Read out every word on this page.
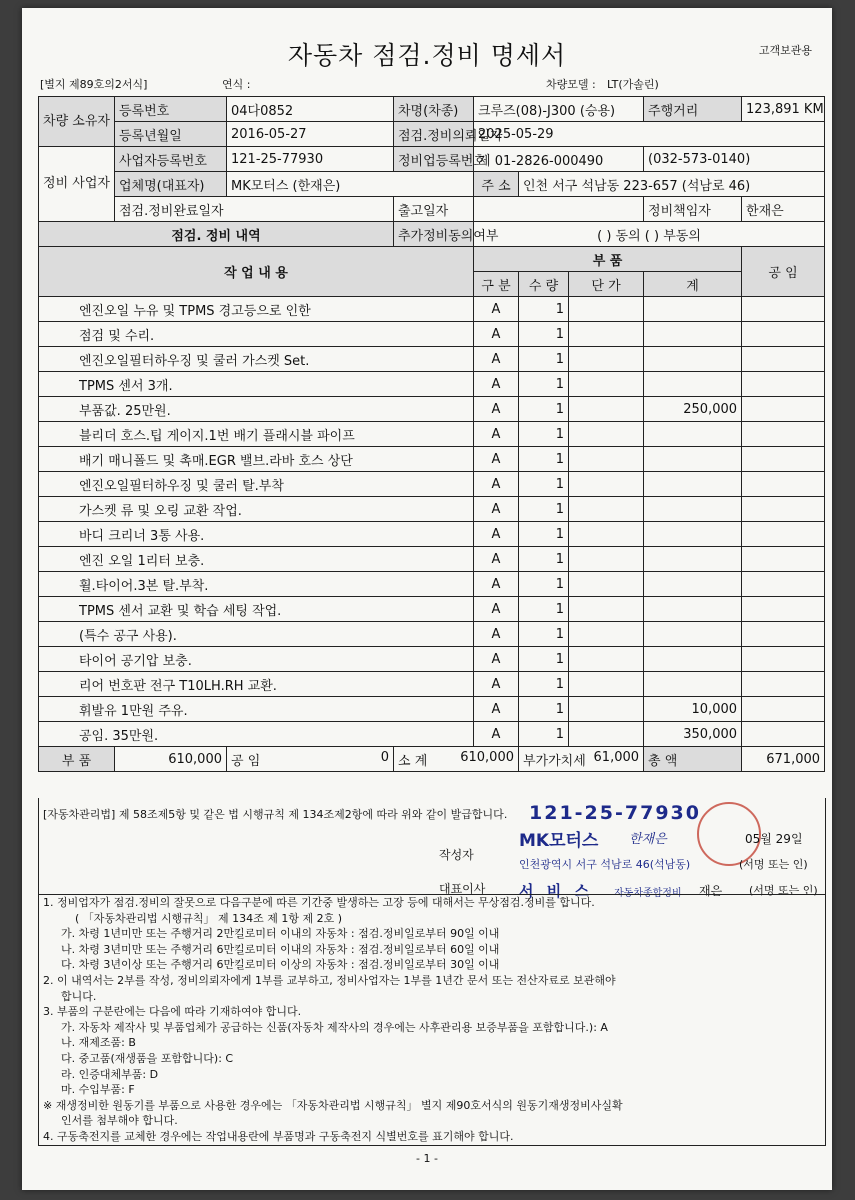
자동차 점검.정비 명세서	고객보관용
[별지 제89호의2서식]	연식 :	차량모델 : LT(가솔린)
차량 소유자	등록번호	04다0852	차명(차종)	크루즈(08)-J300 (승용)			주행거리	123,891 KM
	등록년월일	2016-05-27	점검.정비의뢰일자	2025-05-29				
정비 사업자	사업자등록번호	121-25-77930	정비업등록번호	제 01-2826-000490			(032-573-0140)	
	업체명(대표자)	MK모터스 (한재은)		주 소	인천 서구 석남동 223-657 (석남로 46)			
	점검.정비완료일자		출고일자				정비책임자	한재은
점검. 정비 내역			추가정비동의여부	( ) 동의 ( ) 부동의				
작 업 내 용				부 품				공 임
				구 분	수 량	단 가	계	
엔진오일 누유 및 TPMS 경고등으로 인한				A	1			
점검 및 수리.				A	1			
엔진오일필터하우징 및 쿨러 가스켓 Set.				A	1			
TPMS 센서 3개.				A	1			
부품값. 25만원.				A	1		250,000	
블리더 호스.팁 게이지.1번 배기 플래시블 파이프				A	1			
배기 매니폴드 및 촉매.EGR 밸브.라바 호스 상단				A	1			
엔진오일필터하우징 및 쿨러 탈.부착				A	1			
가스켓 류 및 오링 교환 작업.				A	1			
바디 크리너 3통 사용.				A	1			
엔진 오일 1리터 보충.				A	1			
휠.타이어.3본 탈.부착.				A	1			
TPMS 센서 교환 및 학습 세팅 작업.				A	1			
(특수 공구 사용).				A	1			
타이어 공기압 보충.				A	1			
리어 번호판 전구 T10LH.RH 교환.				A	1			
휘발유 1만원 주유.				A	1		10,000	
공임. 35만원.				A	1		350,000	
부 품	610,000	공 임 0	소 계 610,000		부가가치세 61,000		총 액	671,000
[자동차관리법] 제 58조제5항 및 같은 법 시행규칙 제 134조제2항에 따라 위와 같이 발급합니다. 121-25-77930
작성자
대표이사
MK모터스 한재은	05월 29일
인천광역시 서구 석남로 46(석남동)	(서명 또는 인)
서 비 스 자동차종합정비 재은 (서명 또는 인)
1. 정비업자가 점검.정비의 잘못으로 다음구분에 따른 기간중 발생하는 고장 등에 대해서는 무상점검.정비를 합니다.
( 「자동차관리법 시행규칙」 제 134조 제 1항 제 2호 )
가. 차령 1년미만 또는 주행거리 2만킬로미터 이내의 자동차 : 점검.정비일로부터 90일 이내
나. 차령 3년미만 또는 주행거리 6만킬로미터 이내의 자동차 : 점검.정비일로부터 60일 이내
다. 차령 3년이상 또는 주행거리 6만킬로미터 이상의 자동차 : 점검.정비일로부터 30일 이내
2. 이 내역서는 2부를 작성, 정비의뢰자에게 1부를 교부하고, 정비사업자는 1부를 1년간 문서 또는 전산자료로 보관해야
합니다.
3. 부품의 구분란에는 다음에 따라 기재하여야 합니다.
가. 자동차 제작사 및 부품업체가 공급하는 신품(자동차 제작사의 경우에는 사후관리용 보증부품을 포함합니다.): A
나. 재제조품: B
다. 중고품(재생품을 포함합니다): C
라. 인증대체부품: D
마. 수입부품: F
※ 재생정비한 원동기를 부품으로 사용한 경우에는 「자동차관리법 시행규칙」 별지 제90호서식의 원동기재생정비사실확
인서를 첨부해야 합니다.
4. 구동축전지를 교체한 경우에는 작업내용란에 부품명과 구동축전지 식별번호를 표기해야 합니다.
- 1 -
